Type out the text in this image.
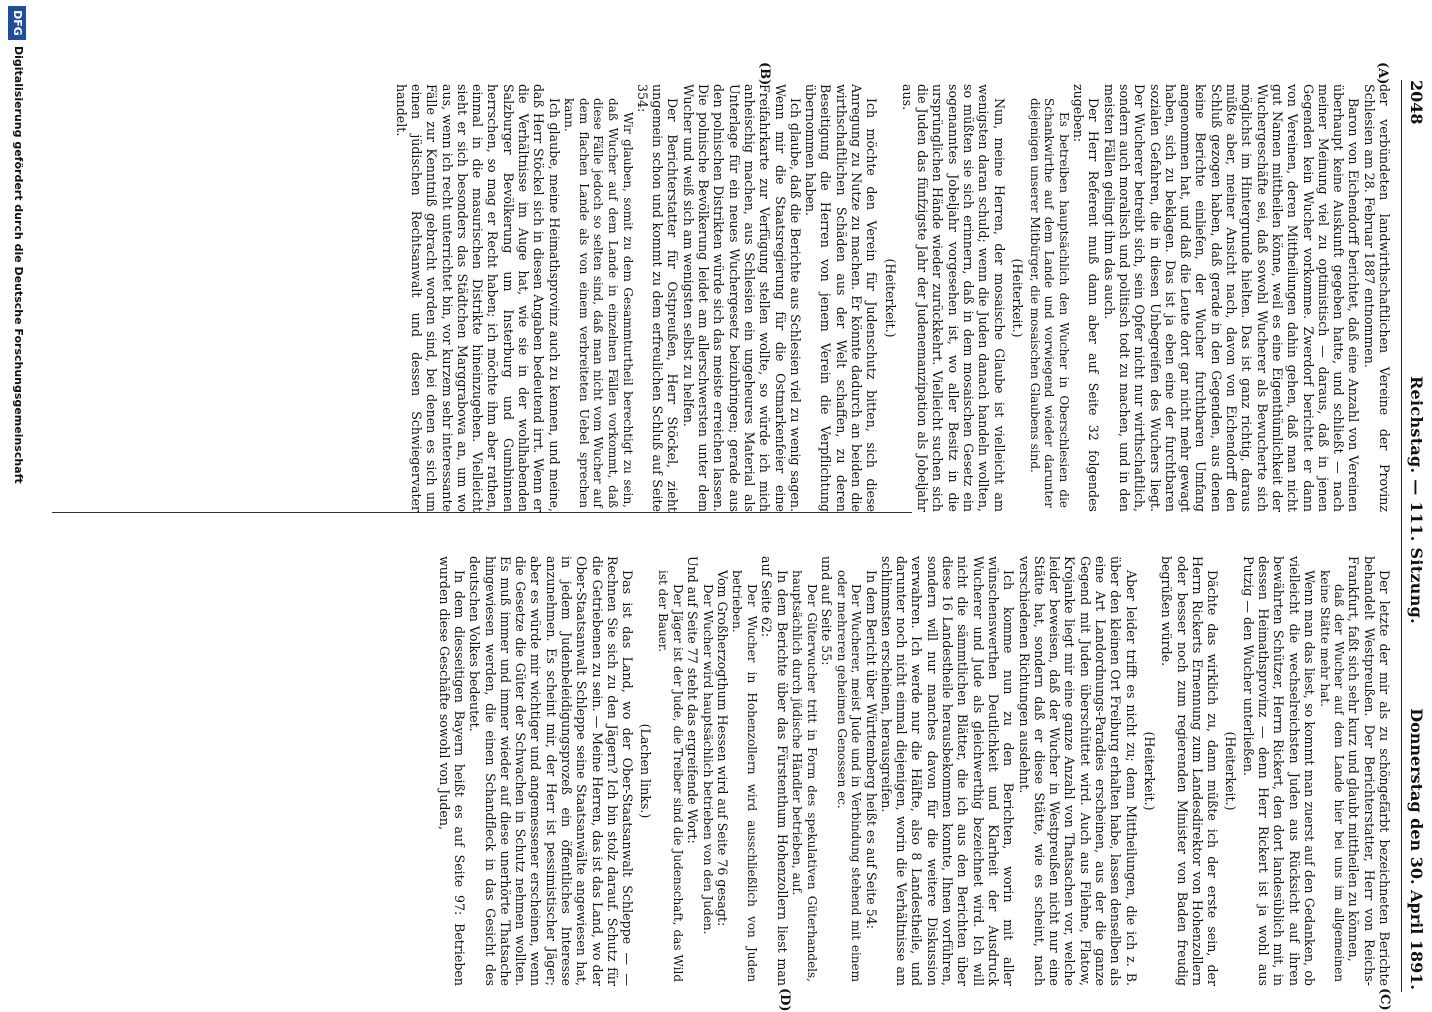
2048
Reichstag. — 111. Sitzung.
Donnerstag den 30. April 1891.
(A)
(B)
(C)
(D)

der verbündeten landwirthschaftlichen Vereine der Provinz Schlesien am 28. Februar 1887 entnommen.

Baron von Eichendorff berichtet, daß eine Anzahl von Vereinen überhaupt keine Auskunft gegeben hatte, und schließt — nach meiner Meinung viel zu optimistisch — daraus, daß in jenen Gegenden kein Wucher vorkomme. Zwerdorf berichtet er dann von Vereinen, deren Mittheilungen dahin gehen, daß man nicht gut Namen mittheilen könne, weil es eine Eigenthümlichkeit der Wuchergeschäfte sei, daß sowohl Wucherer als Bewucherte sich möglichst im Hintergrunde hielten. Das ist ganz richtig, daraus müßte aber, meiner Ansicht nach, davon von Eichendorff den Schluß gezogen haben, daß gerade in den Gegenden, aus denen keine Berichte einliefen, der Wucher furchtbaren Umfang angenommen hat, und daß die Leute dort gar nicht mehr gewagt haben, sich zu beklagen. Das ist ja eben eine der furchtbaren sozialen Gefahren, die in diesen Unbegreifen des Wuchers liegt. Der Wucherer betreibt sich, sein Opfer nicht nur wirthschaftlich, sondern auch moralisch und politisch todt zu machen, und in den meisten Fällen gelingt ihm das auch.

Der Herr Referent muß dann aber auf Seite 32 folgendes zugeben:

Es betreiben hauptsächlich den Wucher in Oberschlesien die Schankwirthe auf dem Lande und vorwiegend wieder darunter diejenigen unserer Mitbürger, die mosaischen Glaubens sind.

(Heiterkeit.)

Nun, meine Herren, der mosaische Glaube ist vielleicht am wenigsten daran schuld; wenn die Juden danach handeln wollten, so müßten sie sich erinnern, daß in dem mosaischen Gesetz ein sogenanntes Jobeljahr vorgesehen ist, wo aller Besitz in die ursprünglichen Hände wieder zurückkehrt. Vielleicht suchen sich die Juden das fünfzigste Jahr der Judenemanzipation als Jobeljahr aus.

(Heiterkeit.)

Ich möchte den Verein für Judenschutz bitten, sich diese Anregung zu Nutze zu machen. Er könnte dadurch an beiden die wirthschaftlichen Schäden aus der Welt schaffen, zu deren Beseitigung die Herren von jenem Verein die Verpflichtung übernommen haben.

Ich glaube, daß die Berichte aus Schlesien viel zu wenig sagen. Wenn mir die Staatsregierung für die Ostmarkenfeier eine Freifahrkarte zur Verfügung stellen wollte, so würde ich mich anheischig machen, aus Schlesien ein ungeheures Material als Unterlage für ein neues Wuchergesetz beizubringen; gerade aus den polnischen Distrikten würde sich das meiste erreichen lassen. Die polnische Bevölkerung leidet am allerschwersten unter dem Wucher und weiß sich am wenigsten selbst zu helfen.

Der Berichterstatter für Ostpreußen, Herr Stöckel, zieht ungemein schon und kommt zu dem erfreulichen Schluß auf Seite 354:

Wir glauben, somit zu dem Gesammturtheil berechtigt zu sein, daß Wucher auf dem Lande in einzelnen Fällen vorkommt, daß diese Fälle jedoch so selten sind, daß man nicht vom Wucher auf dem flachen Lande als von einem verbreiteten Uebel sprechen kann.

Ich glaube, meine Heimathsprovinz auch zu kennen, und meine, daß Herr Stöckel sich in diesen Angaben bedeutend irrt. Wenn er die Verhältnisse im Auge hat, wie sie in der wohlhabenden Salzburger Bevölkerung um Insterburg und Gumbinnen herrschen, so mag er Recht haben; ich möchte ihm aber rathen, einmal in die masurischen Distrikte hineinzugehen. Vielleicht sieht er sich besonders das Städtchen Marggrabowa an, um wo aus, wenn ich recht unterrichtet bin, vor kurzem sehr interessante Fälle zur Kenntniß gebracht worden sind, bei denen es sich um einen jüdischen Rechtsanwalt und dessen Schwiegervater handelt.

Der letzte der mir als zu schöngefärbt bezeichneten Berichte behandelt Westpreußen. Der Berichterstatter, Herr von Reichs-Frankfurt, faßt sich sehr kurz und glaubt mittheilen zu können,

daß der Wucher auf dem Lande hier bei uns im allgemeinen keine Stätte mehr hat.

Wenn man das liest, so kommt man zuerst auf den Gedanken, ob vielleicht die wechselreichsten Juden aus Rücksicht auf ihren bewährten Schützer, Herrn Rickert, den dort landesüblich mit, in dessen Heimathsprovinz — denn Herr Rickert ist ja wohl aus Putzig — den Wucher unterließen.

(Heiterkeit.)

Dächte das wirklich zu, dann müßte ich der erste sein, der Herrn Rickerts Ernennung zum Landesdirektor von Hohenzollern oder besser noch zum regierenden Minister von Baden freudig begrüßen würde.

(Heiterkeit.)

Aber leider trifft es nicht zu; denn Mittheilungen, die ich z. B. über den kleinen Ort Freiburg erhalten habe, lassen denselben als eine Art Landordnungs-Paradies erscheinen, aus der die ganze Gegend mit Juden überschüttet wird. Auch aus Filehne, Flatow, Krojanke liegt mir eine ganze Anzahl von Thatsachen vor, welche leider beweisen, daß der Wucher in Westpreußen nicht nur eine Stätte hat, sondern daß er diese Stätte, wie es scheint, nach verschiedenen Richtungen ausdehnt.

Ich komme nun zu den Berichten, worin mit aller wünschenswerthen Deutlichkeit und Klarheit der Ausdruck Wucherer und Jude als gleichwerthig bezeichnet wird. Ich will nicht die sämmtlichen Blätter, die ich aus den Berichten über diese 16 Landestheile herausbekommen konnte, Ihnen vorführen, sondern will nur manches davon für die weitere Diskussion verwahren. Ich werde nur die Hälfte, also 8 Landestheile, und darunter noch nicht einmal diejenigen, worin die Verhältnisse am schlimmsten erscheinen, herausgreifen.

In dem Bericht über Württemberg heißt es auf Seite 54:

Der Wucherer, meist Jude und in Verbindung stehend mit einem oder mehreren geheimen Genossen ec.

und auf Seite 55:

Der Güterwucher tritt in Form des spekulativen Güterhandels, hauptsächlich durch jüdische Händler betrieben, auf.

In dem Berichte über das Fürstenthum Hohenzollern liest man auf Seite 62:

Der Wucher in Hohenzollern wird ausschließlich von Juden betrieben.

Vom Großherzogthum Hessen wird auf Seite 76 gesagt:

Der Wucher wird hauptsächlich betrieben von den Juden.

Und auf Seite 77 steht das ergreifende Wort:

Der Jäger ist der Jude, die Treiber sind die Judenschaft, das Wild ist der Bauer.

(Lachen links.)

Das ist das Land, wo der Ober-Staatsanwalt Schleppe — — Rechnen Sie sich zu den Jägern? Ich bin stolz darauf. Schutz für die Getriebenen zu sein. — Meine Herren, das ist das Land, wo der Ober-Staatsanwalt Schleppe seine Staatsanwälte angewiesen hat, in jedem Judenbeleidigungsprozeß ein öffentliches Interesse anzunehmen. Es scheint mir, der Herr ist pessimistischer Jäger; aber es würde mir wichtiger und angemessener erscheinen, wenn die Gesetze die Güter der Schwachen in Schutz nehmen wollten. Es muß immer und immer wieder auf diese unerhörte Thatsache hingewiesen werden, die einen Schandfleck in das Gesicht des deutschen Volkes bedeutet.

In dem diesseitigen Bayern heißt es auf Seite 97: Betrieben wurden diese Geschäfte sowohl von Juden,

DFG
Digitalisierung gefördert durch die Deutsche Forschungsgemeinschaft
